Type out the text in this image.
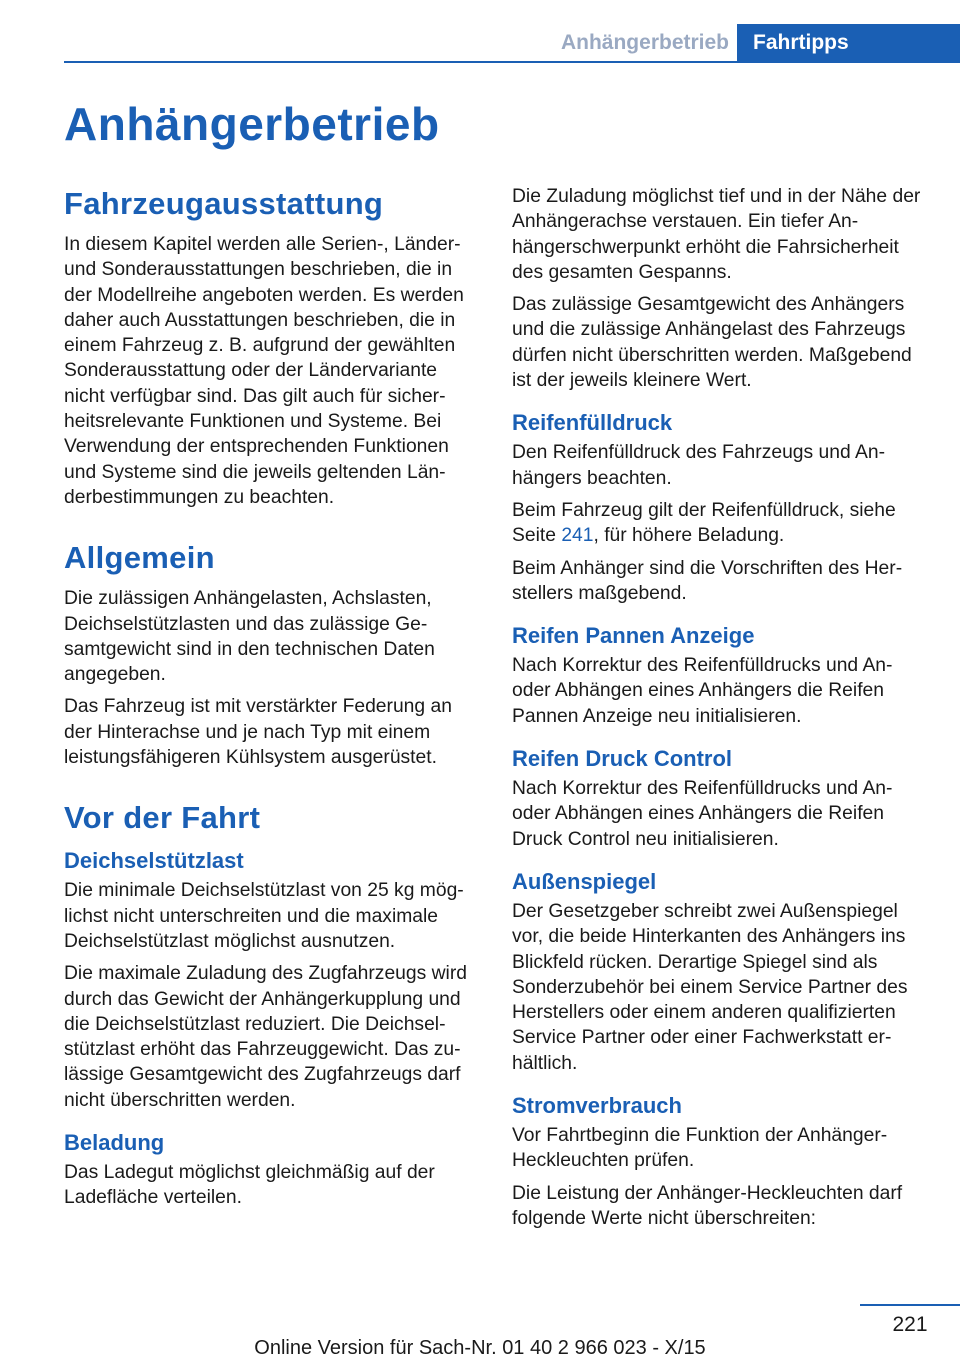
Anhängerbetrieb	Fahrtipps
Anhängerbetrieb
Fahrzeugausstattung

In diesem Kapitel werden alle Serien-, Länder- und Sonderausstattungen beschrieben, die in der Modellreihe angeboten werden. Es werden daher auch Ausstattungen beschrieben, die in einem Fahrzeug z. B. aufgrund der gewählten Sonderausstattung oder der Ländervariante nicht verfügbar sind. Das gilt auch für sicherheitsrelevante Funktionen und Systeme. Bei Verwendung der entsprechenden Funktionen und Systeme sind die jeweils geltenden Länderbestimmungen zu beachten.

Allgemein

Die zulässigen Anhängelasten, Achslasten, Deichselstützlasten und das zulässige Gesamtgewicht sind in den technischen Daten angegeben.

Das Fahrzeug ist mit verstärkter Federung an der Hinterachse und je nach Typ mit einem leistungsfähigeren Kühlsystem ausgerüstet.

Vor der Fahrt
Deichselstützlast

Die minimale Deichselstützlast von 25 kg möglichst nicht unterschreiten und die maximale Deichselstützlast möglichst ausnutzen.

Die maximale Zuladung des Zugfahrzeugs wird durch das Gewicht der Anhängerkupplung und die Deichselstützlast reduziert. Die Deichselstützlast erhöht das Fahrzeuggewicht. Das zulässige Gesamtgewicht des Zugfahrzeugs darf nicht überschritten werden.

Beladung

Das Ladegut möglichst gleichmäßig auf der Ladefläche verteilen.

Die Zuladung möglichst tief und in der Nähe der Anhängerachse verstauen. Ein tiefer Anhängerschwerpunkt erhöht die Fahrsicherheit des gesamten Gespanns.

Das zulässige Gesamtgewicht des Anhängers und die zulässige Anhängelast des Fahrzeugs dürfen nicht überschritten werden. Maßgebend ist der jeweils kleinere Wert.

Reifenfülldruck

Den Reifenfülldruck des Fahrzeugs und Anhängers beachten.

Beim Fahrzeug gilt der Reifenfülldruck, siehe Seite 241, für höhere Beladung.

Beim Anhänger sind die Vorschriften des Herstellers maßgebend.

Reifen Pannen Anzeige

Nach Korrektur des Reifenfülldrucks und Anoder Abhängen eines Anhängers die Reifen Pannen Anzeige neu initialisieren.

Reifen Druck Control

Nach Korrektur des Reifenfülldrucks und Anoder Abhängen eines Anhängers die Reifen Druck Control neu initialisieren.

Außenspiegel

Der Gesetzgeber schreibt zwei Außenspiegel vor, die beide Hinterkanten des Anhängers ins Blickfeld rücken. Derartige Spiegel sind als Sonderzubehör bei einem Service Partner des Herstellers oder einem anderen qualifizierten Service Partner oder einer Fachwerkstatt erhältlich.

Stromverbrauch

Vor Fahrtbeginn die Funktion der Anhänger-Heckleuchten prüfen.

Die Leistung der Anhänger-Heckleuchten darf folgende Werte nicht überschreiten:

221
Online Version für Sach-Nr. 01 40 2 966 023 - X/15
